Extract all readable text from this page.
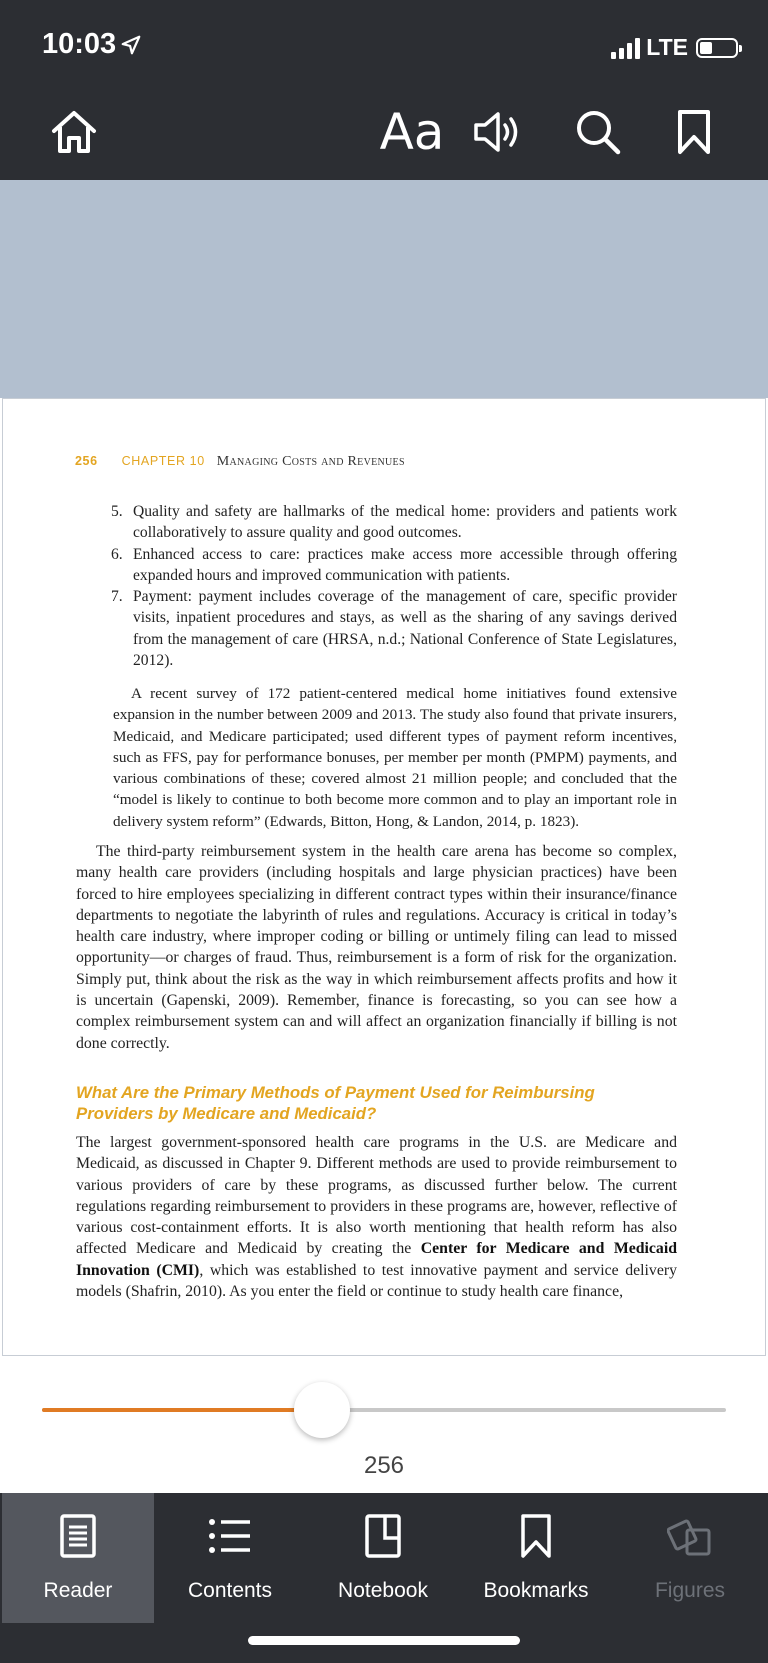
10:03	LTE
Aa
256 CHAPTER 10 Managing Costs and Revenues
5. Quality and safety are hallmarks of the medical home: providers and patients work collaboratively to assure quality and good outcomes.
6. Enhanced access to care: practices make access more accessible through offering expanded hours and improved communication with patients.
7. Payment: payment includes coverage of the management of care, specific provider visits, inpatient procedures and stays, as well as the sharing of any savings derived from the management of care (HRSA, n.d.; National Conference of State Legislatures, 2012).
A recent survey of 172 patient-centered medical home initiatives found extensive expansion in the number between 2009 and 2013. The study also found that private insurers, Medicaid, and Medicare participated; used different types of payment reform incentives, such as FFS, pay for performance bonuses, per member per month (PMPM) payments, and various combinations of these; covered almost 21 million people; and concluded that the “model is likely to continue to both become more common and to play an important role in delivery system reform” (Edwards, Bitton, Hong, & Landon, 2014, p. 1823).
The third-party reimbursement system in the health care arena has become so complex, many health care providers (including hospitals and large physician practices) have been forced to hire employees specializing in different contract types within their insurance/finance departments to negotiate the labyrinth of rules and regulations. Accuracy is critical in today’s health care industry, where improper coding or billing or untimely filing can lead to missed opportunity—or charges of fraud. Thus, reimbursement is a form of risk for the organization. Simply put, think about the risk as the way in which reimbursement affects profits and how it is uncertain (Gapenski, 2009). Remember, finance is forecasting, so you can see how a complex reimbursement system can and will affect an organization financially if billing is not done correctly.
What Are the Primary Methods of Payment Used for Reimbursing Providers by Medicare and Medicaid?
The largest government-sponsored health care programs in the U.S. are Medicare and Medicaid, as discussed in Chapter 9. Different methods are used to provide reimbursement to various providers of care by these programs, as discussed further below. The current regulations regarding reimbursement to providers in these programs are, however, reflective of various cost-containment efforts. It is also worth mentioning that health reform has also affected Medicare and Medicaid by creating the Center for Medicare and Medicaid Innovation (CMI), which was established to test innovative payment and service delivery models (Shafrin, 2010). As you enter the field or continue to study health care finance,
256
Reader	Contents	Notebook	Bookmarks	Figures
